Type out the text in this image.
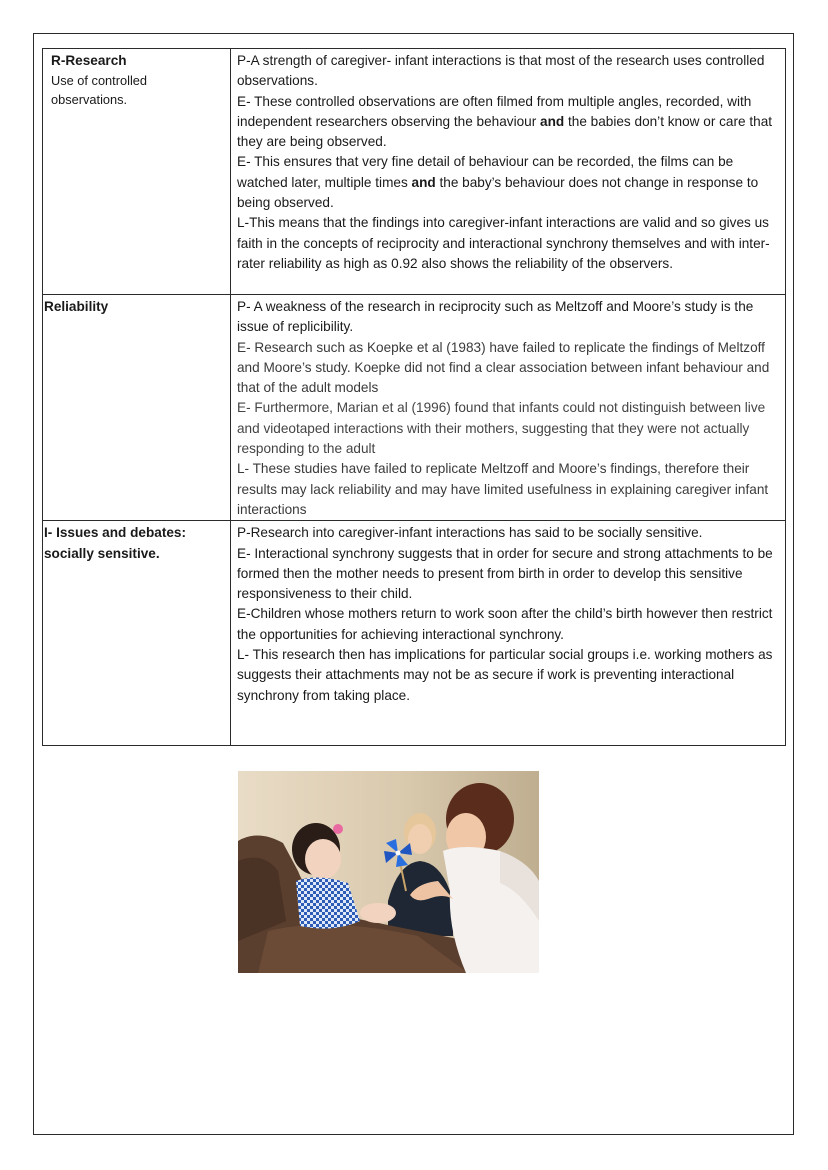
R-Research
Use of controlled observations.	P-A strength of caregiver- infant interactions is that most of the research uses controlled observations.
E- These controlled observations are often filmed from multiple angles, recorded, with independent researchers observing the behaviour and the babies don’t know or care that they are being observed.
E- This ensures that very fine detail of behaviour can be recorded, the films can be watched later, multiple times and the baby’s behaviour does not change in response to being observed.
L-This means that the findings into caregiver-infant interactions are valid and so gives us faith in the concepts of reciprocity and interactional synchrony themselves and with inter-rater reliability as high as 0.92 also shows the reliability of the observers.

Reliability	P- A weakness of the research in reciprocity such as Meltzoff and Moore’s study is the issue of replicibility.
E- Research such as Koepke et al (1983) have failed to replicate the findings of Meltzoff and Moore’s study. Koepke did not find a clear association between infant behaviour and that of the adult models
E- Furthermore, Marian et al (1996) found that infants could not distinguish between live and videotaped interactions with their mothers, suggesting that they were not actually responding to the adult
L- These studies have failed to replicate Meltzoff and Moore’s findings, therefore their results may lack reliability and may have limited usefulness in explaining caregiver infant interactions

I- Issues and debates: socially sensitive.	P-Research into caregiver-infant interactions has said to be socially sensitive.
E- Interactional synchrony suggests that in order for secure and strong attachments to be formed then the mother needs to present from birth in order to develop this sensitive responsiveness to their child.
E-Children whose mothers return to work soon after the child’s birth however then restrict the opportunities for achieving interactional synchrony.
L- This research then has implications for particular social groups i.e. working mothers as suggests their attachments may not be as secure if work is preventing interactional synchrony from taking place.
